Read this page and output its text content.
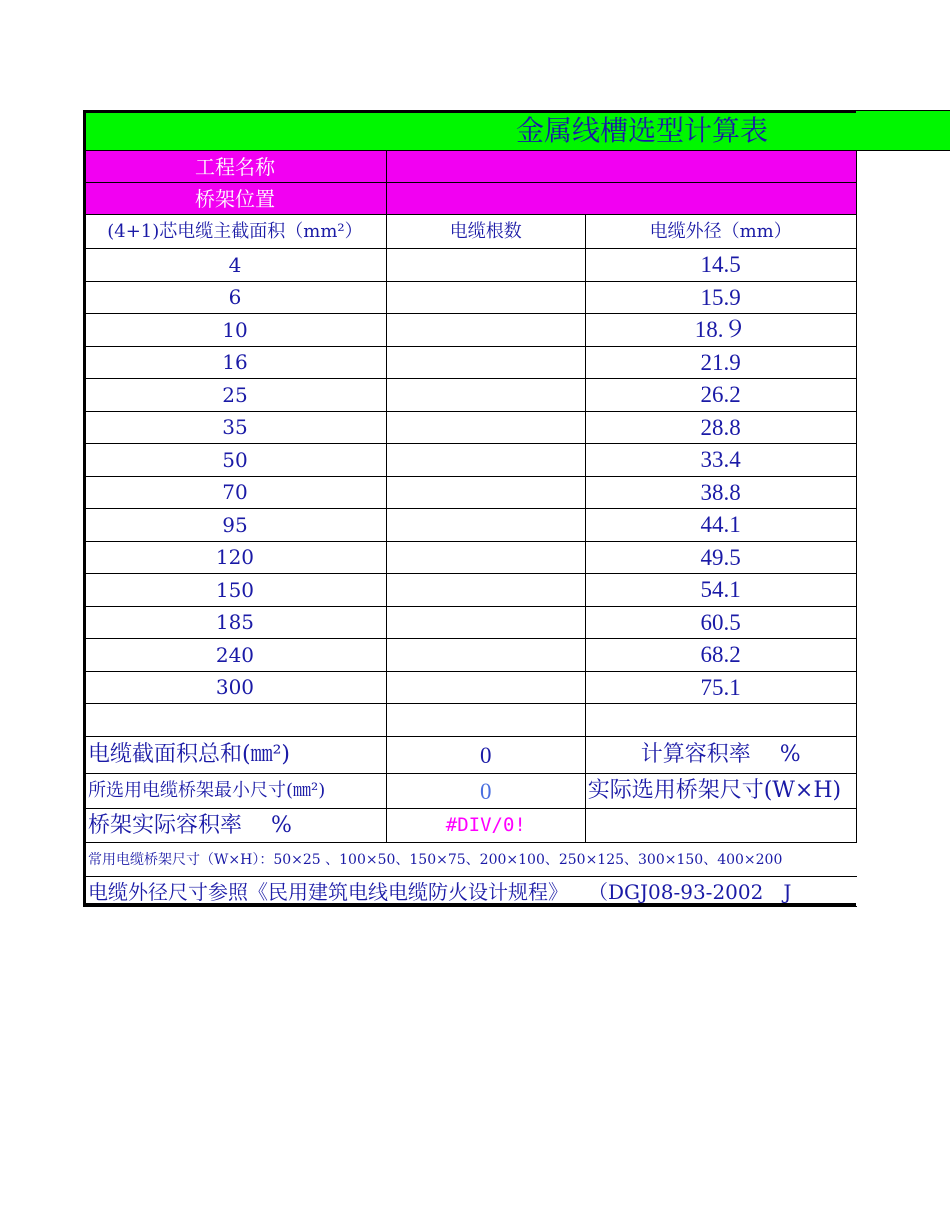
金属线槽选型计算表			
工程名称			
桥架位置			
(4+1)芯电缆主截面积（mm²）	电缆根数	电缆外径（mm）	
4		14.5	
6		15.9	
10		18.９	
16		21.9	
25		26.2	
35		28.8	
50		33.4	
70		38.8	
95		44.1	
120		49.5	
150		54.1	
185		60.5	
240		68.2	
300		75.1	

电缆截面积总和(㎜²)	0	计算容积率　 %	
所选用电缆桥架最小尺寸(㎜²)	0	实际选用桥架尺寸(W×H)	
桥架实际容积率　 %	#DIV/0!		
常用电缆桥架尺寸（W×H）：50×25 、100×50、150×75、200×100、250×125、300×150、400×200			
电缆外径尺寸参照《民用建筑电线电缆防火设计规程》　　（DGJ08-93-2002　J			
